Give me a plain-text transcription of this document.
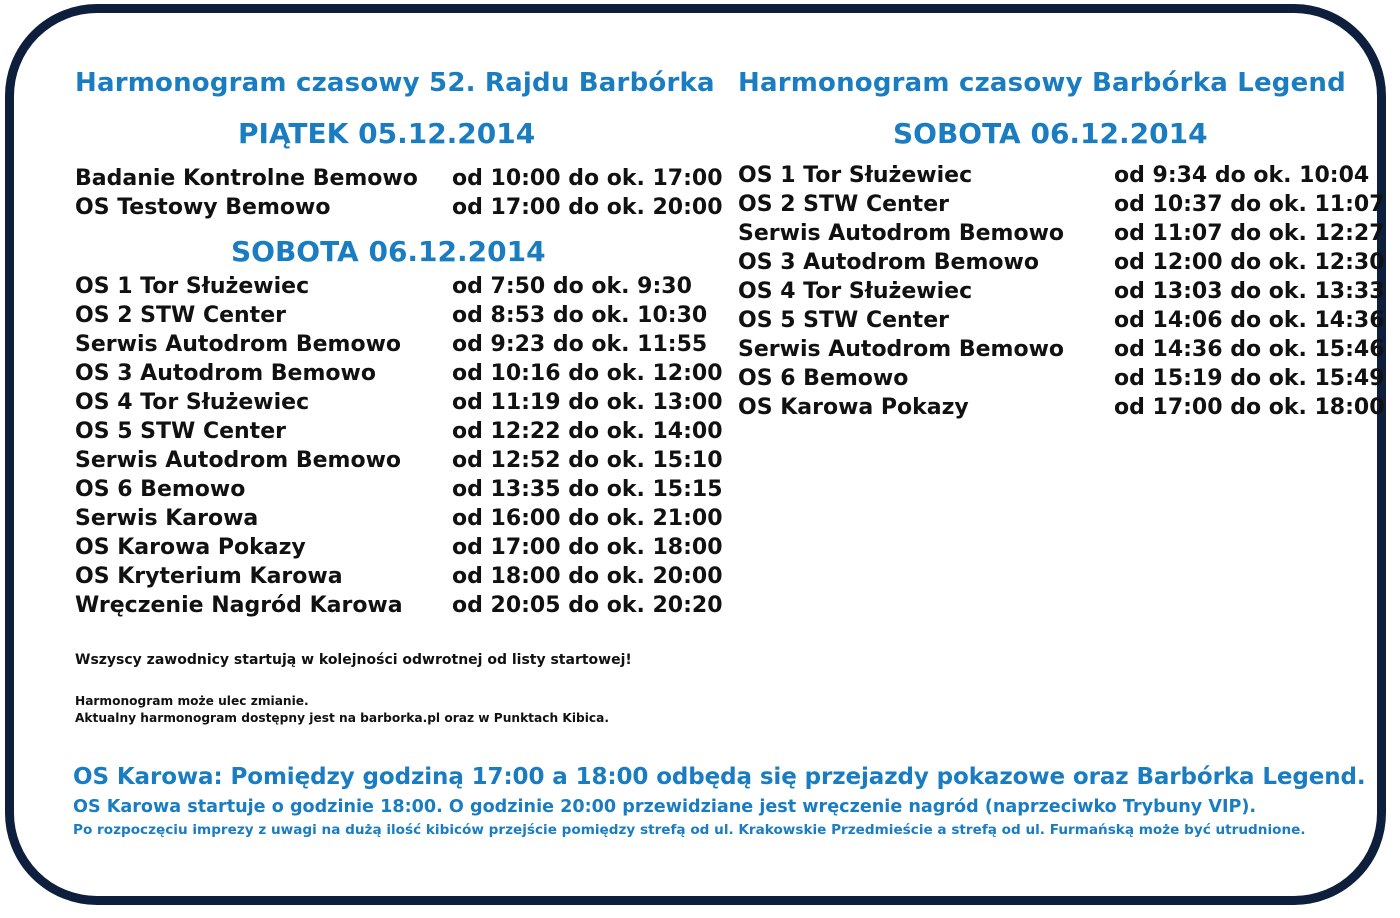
Harmonogram czasowy 52. Rajdu Barbórka
PIĄTEK 05.12.2014
Badanie Kontrolne Bemowo od 10:00 do ok. 17:00
OS Testowy Bemowo	od 17:00 do ok. 20:00
SOBOTA 06.12.2014
OS 1 Tor Służewiec	od 7:50 do ok. 9:30
OS 2 STW Center	od 8:53 do ok. 10:30
Serwis Autodrom Bemowo od 9:23 do ok. 11:55
OS 3 Autodrom Bemowo	od 10:16 do ok. 12:00
OS 4 Tor Służewiec	od 11:19 do ok. 13:00
OS 5 STW Center	od 12:22 do ok. 14:00
Serwis Autodrom Bemowo od 12:52 do ok. 15:10
OS 6 Bemowo	od 13:35 do ok. 15:15
Serwis Karowa	od 16:00 do ok. 21:00
OS Karowa Pokazy	od 17:00 do ok. 18:00
OS Kryterium Karowa	od 18:00 do ok. 20:00
Wręczenie Nagród Karowa od 20:05 do ok. 20:20
Harmonogram czasowy Barbórka Legend
SOBOTA 06.12.2014
OS 1 Tor Służewiec	od 9:34 do ok. 10:04
OS 2 STW Center	od 10:37 do ok. 11:07
Serwis Autodrom Bemowo od 11:07 do ok. 12:27
OS 3 Autodrom Bemowo	od 12:00 do ok. 12:30
OS 4 Tor Służewiec	od 13:03 do ok. 13:33
OS 5 STW Center	od 14:06 do ok. 14:36
Serwis Autodrom Bemowo od 14:36 do ok. 15:46
OS 6 Bemowo	od 15:19 do ok. 15:49
OS Karowa Pokazy	od 17:00 do ok. 18:00

Wszyscy zawodnicy startują w kolejności odwrotnej od listy startowej!

Harmonogram może ulec zmianie.

Aktualny harmonogram dostępny jest na barborka.pl oraz w Punktach Kibica.

OS Karowa: Pomiędzy godziną 17:00 a 18:00 odbędą się przejazdy pokazowe oraz Barbórka Legend.

OS Karowa startuje o godzinie 18:00. O godzinie 20:00 przewidziane jest wręczenie nagród (naprzeciwko Trybuny VIP).

Po rozpoczęciu imprezy z uwagi na dużą ilość kibiców przejście pomiędzy strefą od ul. Krakowskie Przedmieście a strefą od ul. Furmańską może być utrudnione.
